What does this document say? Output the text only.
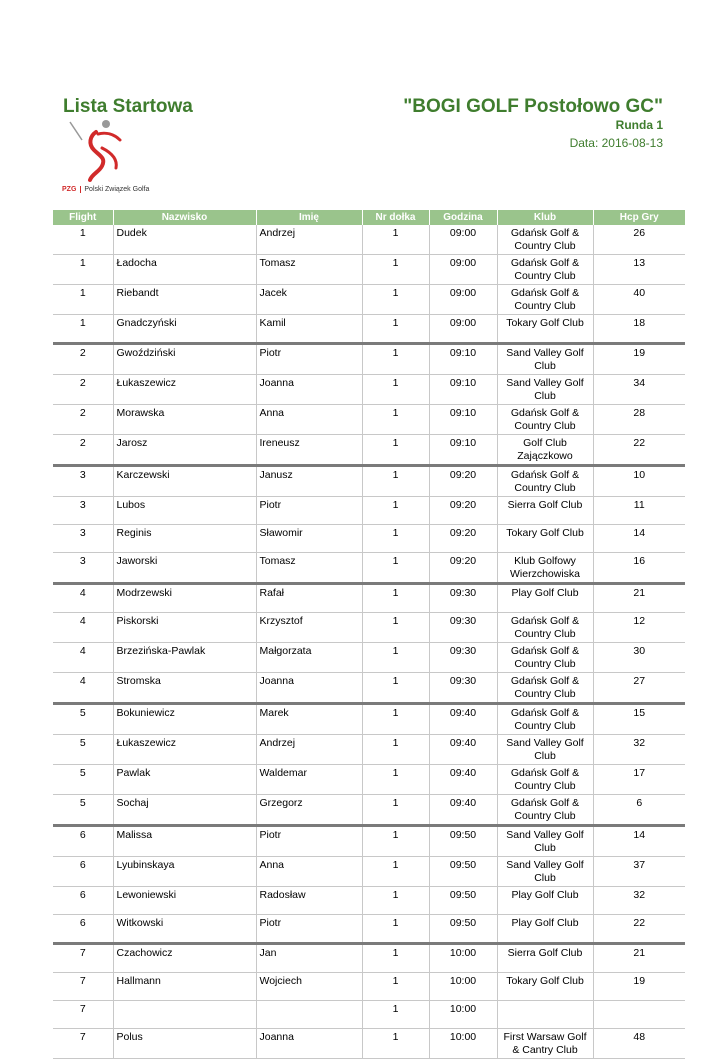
Lista Startowa	"BOGI GOLF Postołowo GC"
Runda 1
Data: 2016-08-13
PZG Polski Związek Golfa
Flight	Nazwisko	Imię	Nr dołka	Godzina	Klub	Hcp Gry
1	Dudek	Andrzej	1	09:00	Gdańsk Golf & Country Club	26
1	Ładocha	Tomasz	1	09:00	Gdańsk Golf & Country Club	13
1	Riebandt	Jacek	1	09:00	Gdańsk Golf & Country Club	40
1	Gnadczyński	Kamil	1	09:00	Tokary Golf Club	18
2	Gwoździński	Piotr	1	09:10	Sand Valley Golf Club	19
2	Łukaszewicz	Joanna	1	09:10	Sand Valley Golf Club	34
2	Morawska	Anna	1	09:10	Gdańsk Golf & Country Club	28
2	Jarosz	Ireneusz	1	09:10	Golf Club Zajączkowo	22
3	Karczewski	Janusz	1	09:20	Gdańsk Golf & Country Club	10
3	Lubos	Piotr	1	09:20	Sierra Golf Club	11
3	Reginis	Sławomir	1	09:20	Tokary Golf Club	14
3	Jaworski	Tomasz	1	09:20	Klub Golfowy Wierzchowiska	16
4	Modrzewski	Rafał	1	09:30	Play Golf Club	21
4	Piskorski	Krzysztof	1	09:30	Gdańsk Golf & Country Club	12
4	Brzezińska-Pawlak	Małgorzata	1	09:30	Gdańsk Golf & Country Club	30
4	Stromska	Joanna	1	09:30	Gdańsk Golf & Country Club	27
5	Bokuniewicz	Marek	1	09:40	Gdańsk Golf & Country Club	15
5	Łukaszewicz	Andrzej	1	09:40	Sand Valley Golf Club	32
5	Pawlak	Waldemar	1	09:40	Gdańsk Golf & Country Club	17
5	Sochaj	Grzegorz	1	09:40	Gdańsk Golf & Country Club	6
6	Malissa	Piotr	1	09:50	Sand Valley Golf Club	14
6	Lyubinskaya	Anna	1	09:50	Sand Valley Golf Club	37
6	Lewoniewski	Radosław	1	09:50	Play Golf Club	32
6	Witkowski	Piotr	1	09:50	Play Golf Club	22
7	Czachowicz	Jan	1	10:00	Sierra Golf Club	21
7	Hallmann	Wojciech	1	10:00	Tokary Golf Club	19
7			1	10:00		
7	Polus	Joanna	1	10:00	First Warsaw Golf & Cantry Club	48
